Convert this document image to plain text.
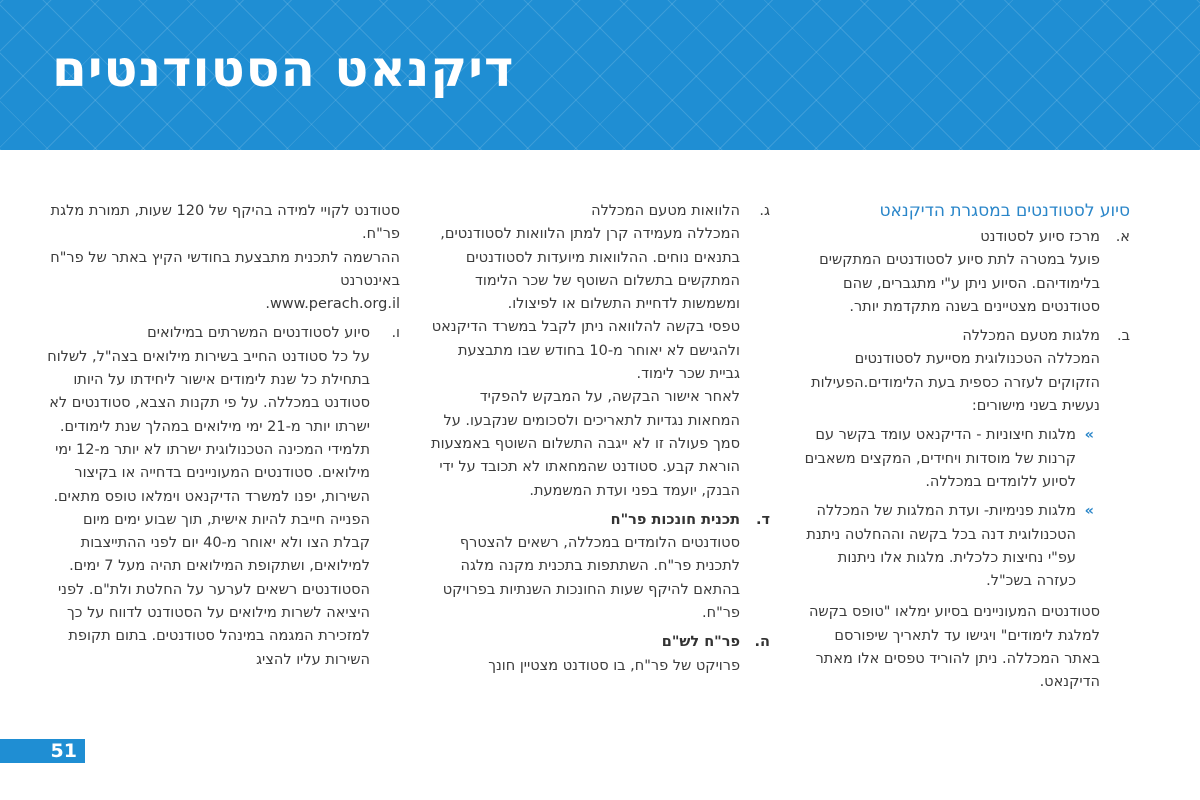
דיקנאט הסטודנטים
סיוע לסטודנטים במסגרת הדיקנאט
א.
מרכז סיוע לסטודנט
פועל במטרה לתת סיוע לסטודנטים המתקשים בלימודיהם. הסיוע ניתן ע"י מתגברים, שהם סטודנטים מצטיינים בשנה מתקדמת יותר.
ב.
מלגות מטעם המכללה
המכללה הטכנולוגית מסייעת לסטודנטים הזקוקים לעזרה כספית בעת הלימודים.הפעילות נעשית בשני מישורים:
»
מלגות חיצוניות - הדיקנאט עומד בקשר עם קרנות של מוסדות ויחידים, המקצים משאבים לסיוע ללומדים במכללה.
»
מלגות פנימיות- ועדת המלגות של המכללה הטכנולוגית דנה בכל בקשה וההחלטה ניתנת עפ"י נחיצות כלכלית. מלגות אלו ניתנות כעזרה בשכ"ל.
סטודנטים המעוניינים בסיוע ימלאו "טופס בקשה למלגת לימודים" ויגישו עד לתאריך שיפורסם באתר המכללה. ניתן להוריד טפסים אלו מאתר הדיקנאט.
ג.
הלוואות מטעם המכללה

המכללה מעמידה קרן למתן הלוואות לסטודנטים, בתנאים נוחים. ההלוואות מיועדות לסטודנטים המתקשים בתשלום השוטף של שכר הלימוד ומשמשות לדחיית התשלום או לפיצולו.

טפסי בקשה להלוואה ניתן לקבל במשרד הדיקנאט ולהגישם לא יאוחר מ-10 בחודש שבו מתבצעת גביית שכר לימוד.

לאחר אישור הבקשה, על המבקש להפקיד המחאות נגדיות לתאריכים ולסכומים שנקבעו. על סמך פעולה זו לא ייגבה התשלום השוטף באמצעות הוראת קבע. סטודנט שהמחאתו לא תכובד על ידי הבנק, יועמד בפני ועדת המשמעת.

ד.
תכנית חונכות פר"ח

סטודנטים הלומדים במכללה, רשאים להצטרף לתכנית פר"ח. השתתפות בתכנית מקנה מלגה בהתאם להיקף שעות החונכות השנתיות בפרויקט פר"ח.

ה.
פר"ח לש"ם

פרויקט של פר"ח, בו סטודנט מצטיין חונך

סטודנט לקויי למידה בהיקף של 120 שעות, תמורת מלגת פר"ח.

ההרשמה לתכנית מתבצעת בחודשי הקיץ באתר של פר"ח באינטרנט

www.perach.org.il.

ו.
סיוע לסטודנטים המשרתים במילואים
על כל סטודנט החייב בשירות מילואים בצה"ל, לשלוח בתחילת כל שנת לימודים אישור ליחידתו על היותו סטודנט במכללה. על פי תקנות הצבא, סטודנטים לא ישרתו יותר מ-21 ימי מילואים במהלך שנת לימודים. תלמידי המכינה הטכנולוגית ישרתו לא יותר מ-12 ימי מילואים. סטודנטים המעוניינים בדחייה או בקיצור השירות, יפנו למשרד הדיקנאט וימלאו טופס מתאים. הפנייה חייבת להיות אישית, תוך שבוע ימים מיום קבלת הצו ולא יאוחר מ-40 יום לפני ההתייצבות למילואים, ושתקופת המילואים תהיה מעל 7 ימים. הסטודנטים רשאים לערער על החלטת ולת"ם. לפני היציאה לשרות מילואים על הסטודנט לדווח על כך למזכירת המגמה במינהל סטודנטים. בתום תקופת השירות עליו להציג
51
